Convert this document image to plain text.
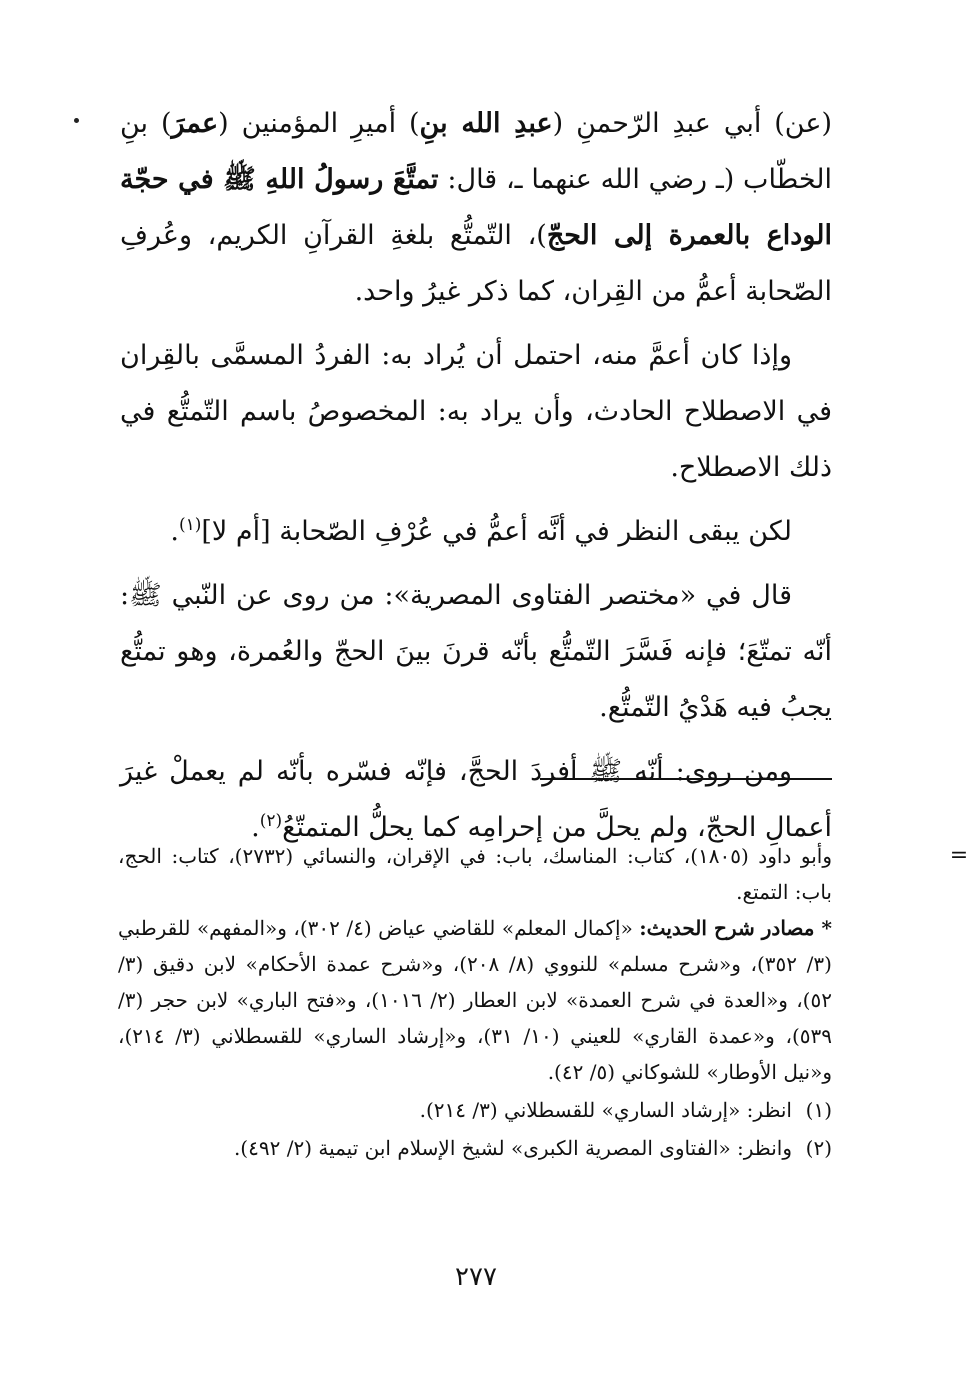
(عن) أبي عبدِ الرّحمنِ (عبدِ الله بنِ) أميرِ المؤمنين (عمرَ) بنِ الخطّاب (ـ رضي الله عنهما ـ، قال: تمتَّعَ رسولُ اللهِ ﷺ في حجّة الوداع بالعمرة إلى الحجّ)، التّمتُّع بلغةِ القرآنِ الكريم، وعُرفِ الصّحابة أعمُّ من القِران، كما ذكر غيرُ واحد.

وإذا كان أعمَّ منه، احتمل أن يُراد به: الفردُ المسمَّى بالقِران في الاصطلاح الحادث، وأن يراد به: المخصوصُ باسم التّمتُّع في ذلك الاصطلاح.

لكن يبقى النظر في أنَّه أعمُّ في عُرْفِ الصّحابة [أم لا]$^{(١)}$.

قال في «مختصر الفتاوى المصرية»: من روى عن النّبي ﷺ: أنّه تمتّعَ؛ فإنه فَسَّرَ التّمتُّع بأنّه قرنَ بينَ الحجّ والعُمرة، وهو تمتُّع يجبُ فيه هَدْيُ التّمتُّع.

ومن روى: أنّه ﷺ أفردَ الحجَّ، فإنّه فسّره بأنّه لم يعملْ غيرَ أعمالِ الحجّ، ولم يحلَّ من إحرامِه كما يحلُّ المتمتّعُ$^{(٢)}$.

=

وأبو داود (١٨٠٥)، كتاب: المناسك، باب: في الإقران، والنسائي (٢٧٣٢)، كتاب: الحج، باب: التمتع.

* مصادر شرح الحديث: «إكمال المعلم» للقاضي عياض (٤/ ٣٠٢)، و«المفهم» للقرطبي (٣/ ٣٥٢)، و«شرح مسلم» للنووي (٨/ ٢٠٨)، و«شرح عمدة الأحكام» لابن دقيق (٣/ ٥٢)، و«العدة في شرح العمدة» لابن العطار (٢/ ١٠١٦)، و«فتح الباري» لابن حجر (٣/ ٥٣٩)، و«عمدة القاري» للعيني (١٠/ ٣١)، و«إرشاد الساري» للقسطلاني (٣/ ٢١٤)، و«نيل الأوطار» للشوكاني (٥/ ٤٢).

(١)
انظر: «إرشاد الساري» للقسطلاني (٣/ ٢١٤).
(٢)
وانظر: «الفتاوى المصرية الكبرى» لشيخ الإسلام ابن تيمية (٢/ ٤٩٢).
٢٧٧
